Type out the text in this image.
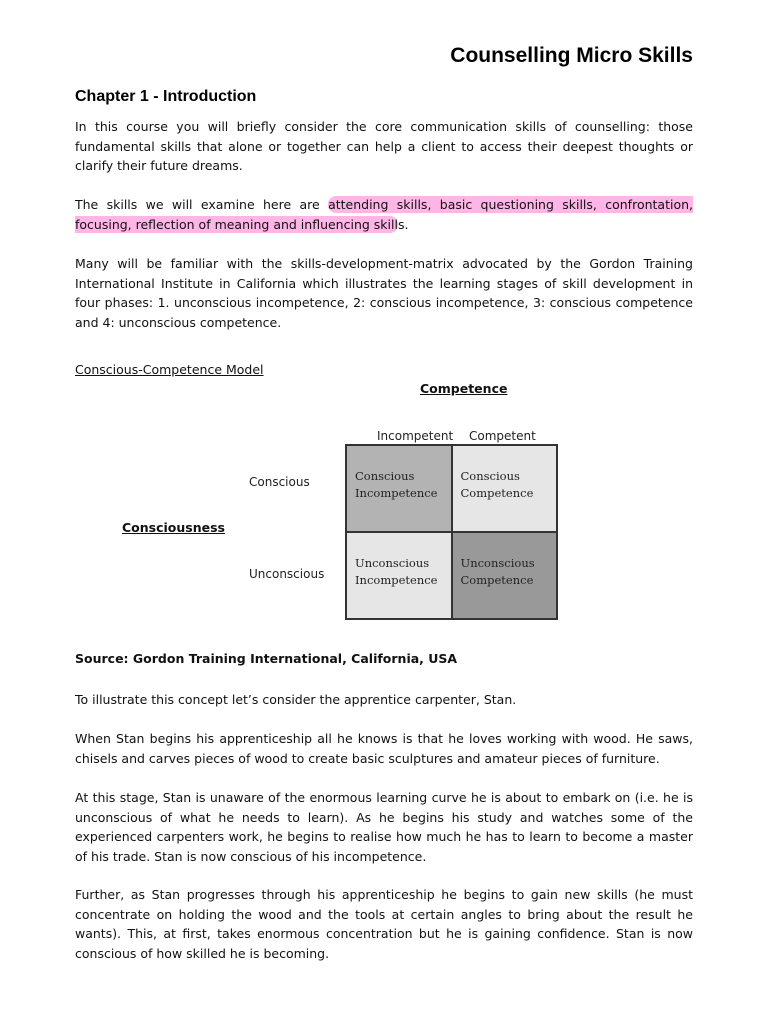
Counselling Micro Skills
Chapter 1 - Introduction

In this course you will briefly consider the core communication skills of counselling: those fundamental skills that alone or together can help a client to access their deepest thoughts or clarify their future dreams.

The skills we will examine here are attending skills, basic questioning skills, confrontation, focusing, reflection of meaning and influencing skills.

Many will be familiar with the skills-development-matrix advocated by the Gordon Training International Institute in California which illustrates the learning stages of skill development in four phases: 1. unconscious incompetence, 2: conscious incompetence, 3: conscious competence and 4: unconscious competence.

Conscious-Competence Model
Competence
Consciousness
Incompetent Competent
Conscious
Unconscious
Conscious Incompetence
Conscious Competence
Unconscious Incompetence
Unconscious Competence
Source: Gordon Training International, California, USA

To illustrate this concept let’s consider the apprentice carpenter, Stan.

When Stan begins his apprenticeship all he knows is that he loves working with wood. He saws, chisels and carves pieces of wood to create basic sculptures and amateur pieces of furniture.

At this stage, Stan is unaware of the enormous learning curve he is about to embark on (i.e. he is unconscious of what he needs to learn). As he begins his study and watches some of the experienced carpenters work, he begins to realise how much he has to learn to become a master of his trade. Stan is now conscious of his incompetence.

Further, as Stan progresses through his apprenticeship he begins to gain new skills (he must concentrate on holding the wood and the tools at certain angles to bring about the result he wants). This, at first, takes enormous concentration but he is gaining confidence. Stan is now conscious of how skilled he is becoming.
